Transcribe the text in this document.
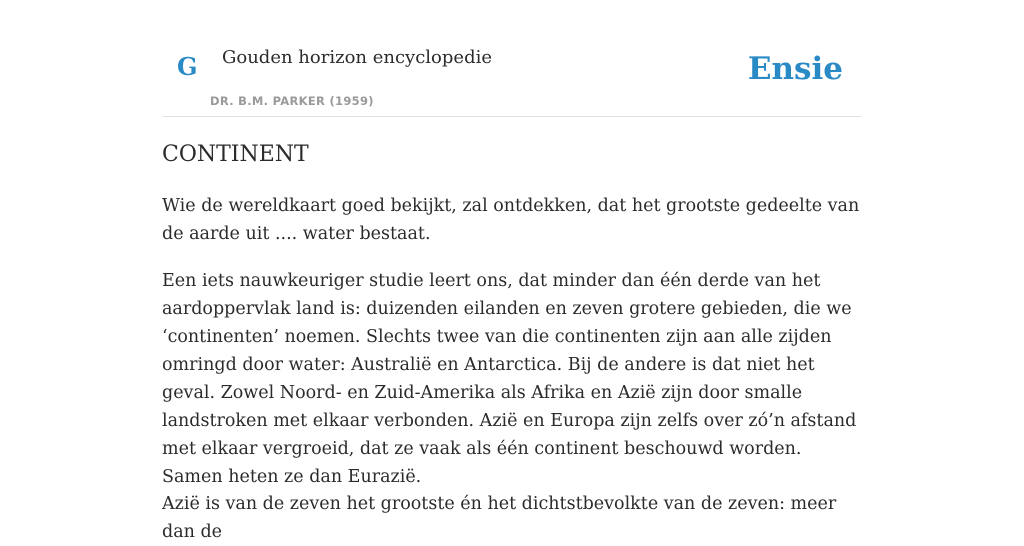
G Gouden horizon encyclopedie
DR. B.M. PARKER (1959)
Ensie
CONTINENT

Wie de wereldkaart goed bekijkt, zal ontdekken, dat het grootste gedeelte van de aarde uit .... water bestaat.

Een iets nauwkeuriger studie leert ons, dat minder dan één derde van het aardoppervlak land is: duizenden eilanden en zeven grotere gebieden, die we ‘continenten’ noemen. Slechts twee van die continenten zijn aan alle zijden omringd door water: Australië en Antarctica. Bij de andere is dat niet het geval. Zowel Noord- en Zuid-Amerika als Afrika en Azië zijn door smalle landstroken met elkaar verbonden. Azië en Europa zijn zelfs over zó’n afstand met elkaar vergroeid, dat ze vaak als één continent beschouwd worden. Samen heten ze dan Eurazië.

Azië is van de zeven het grootste én het dichtstbevolkte van de zeven: meer dan de
